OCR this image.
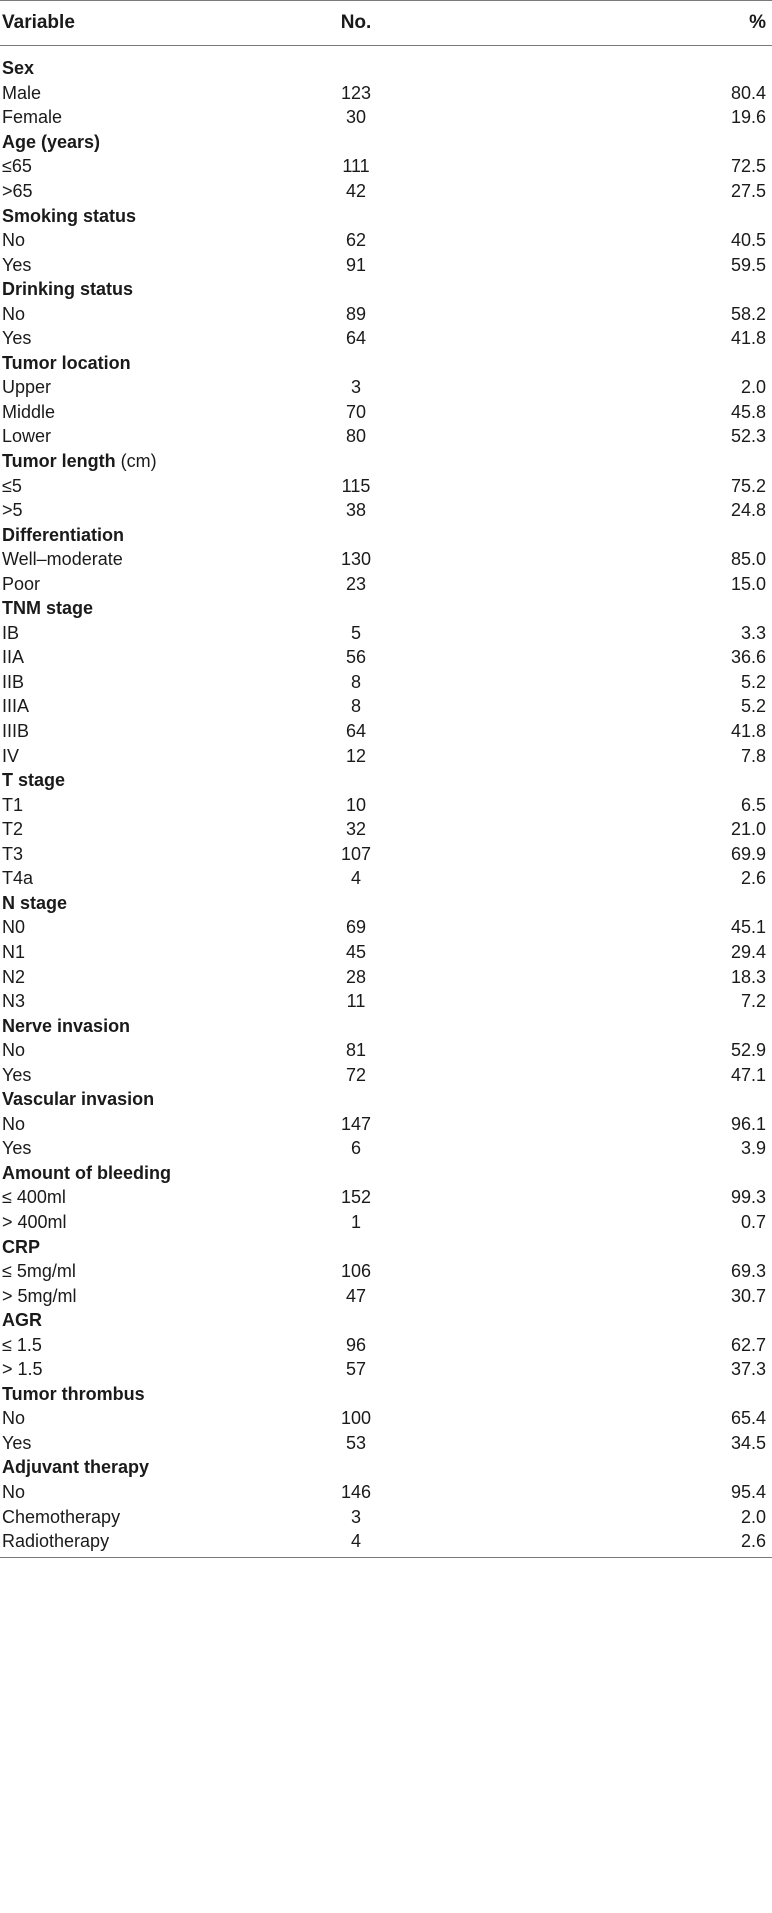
Variable	No.	%
Sex
Male	123	80.4
Female	30	19.6
Age (years)
≤65	111	72.5
>65	42	27.5
Smoking status
No	62	40.5
Yes	91	59.5
Drinking status
No	89	58.2
Yes	64	41.8
Tumor location
Upper	3	2.0
Middle	70	45.8
Lower	80	52.3
Tumor length (cm)
≤5	115	75.2
>5	38	24.8
Differentiation
Well–moderate	130	85.0
Poor	23	15.0
TNM stage
IB	5	3.3
IIA	56	36.6
IIB	8	5.2
IIIA	8	5.2
IIIB	64	41.8
IV	12	7.8
T stage
T1	10	6.5
T2	32	21.0
T3	107	69.9
T4a	4	2.6
N stage
N0	69	45.1
N1	45	29.4
N2	28	18.3
N3	11	7.2
Nerve invasion
No	81	52.9
Yes	72	47.1
Vascular invasion
No	147	96.1
Yes	6	3.9
Amount of bleeding
≤ 400ml	152	99.3
> 400ml	1	0.7
CRP
≤ 5mg/ml	106	69.3
> 5mg/ml	47	30.7
AGR
≤ 1.5	96	62.7
> 1.5	57	37.3
Tumor thrombus
No	100	65.4
Yes	53	34.5
Adjuvant therapy
No	146	95.4
Chemotherapy	3	2.0
Radiotherapy	4	2.6
